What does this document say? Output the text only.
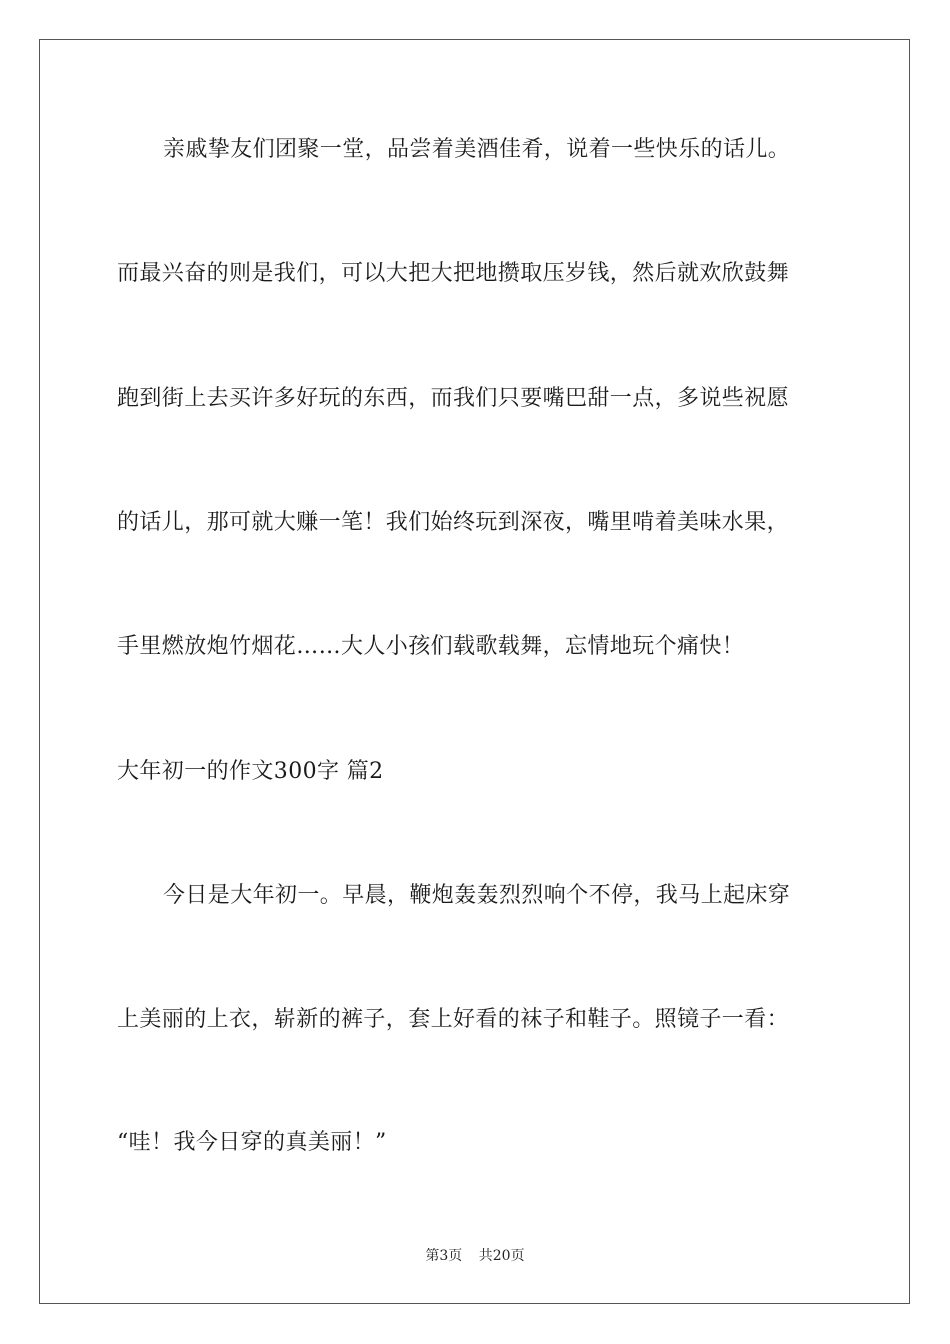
亲戚挚友们团聚一堂，品尝着美酒佳肴，说着一些快乐的话儿。
而最兴奋的则是我们，可以大把大把地攒取压岁钱，然后就欢欣鼓舞
跑到街上去买许多好玩的东西，而我们只要嘴巴甜一点，多说些祝愿
的话儿，那可就大赚一笔！我们始终玩到深夜，嘴里啃着美味水果，
手里燃放炮竹烟花……大人小孩们载歌载舞，忘情地玩个痛快！
大年初一的作文300字 篇2
今日是大年初一。早晨，鞭炮轰轰烈烈响个不停，我马上起床穿
上美丽的上衣，崭新的裤子，套上好看的袜子和鞋子。照镜子一看：
“哇！我今日穿的真美丽！”
第3页 共20页
